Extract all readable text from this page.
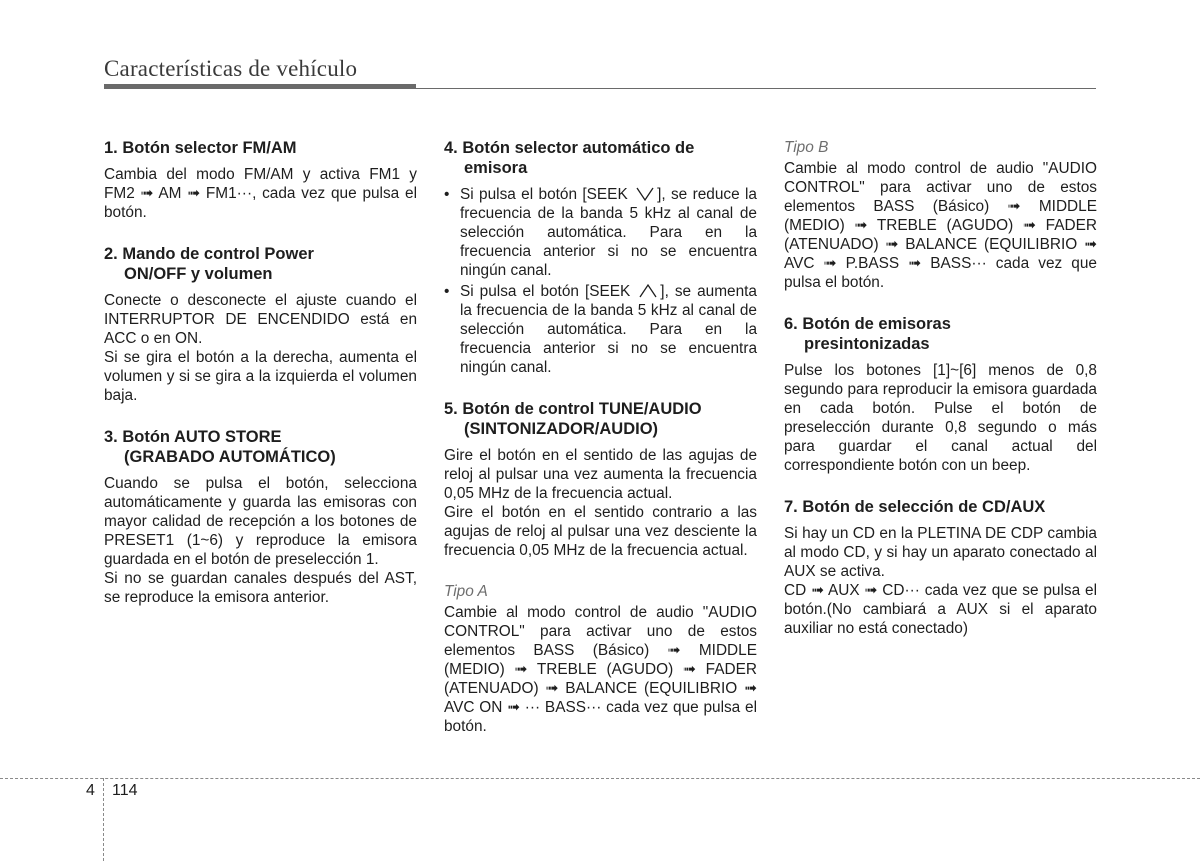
Características de vehículo
1. Botón selector FM/AM

Cambia del modo FM/AM y activa FM1 y FM2 ➟ AM ➟ FM1···, cada vez que pulsa el botón.

2. Mando de control Power
ON/OFF y volumen

Conecte o desconecte el ajuste cuando el INTERRUPTOR DE ENCENDIDO está en ACC o en ON.

Si se gira el botón a la derecha, aumenta el volumen y si se gira a la izquierda el volumen baja.

3. Botón AUTO STORE
(GRABADO AUTOMÁTICO)

Cuando se pulsa el botón, selecciona automáticamente y guarda las emisoras con mayor calidad de recepción a los botones de PRESET1 (1~6) y reproduce la emisora guardada en el botón de preselección 1.

Si no se guardan canales después del AST, se reproduce la emisora anterior.

4. Botón selector automático de
emisora
• Si pulsa el botón [SEEK ], se reduce la frecuencia de la banda 5 kHz al canal de selección automática. Para en la frecuencia anterior si no se encuentra ningún canal.
• Si pulsa el botón [SEEK ], se aumenta la frecuencia de la banda 5 kHz al canal de selección automática. Para en la frecuencia anterior si no se encuentra ningún canal.
5. Botón de control TUNE/AUDIO
(SINTONIZADOR/AUDIO)

Gire el botón en el sentido de las agujas de reloj al pulsar una vez aumenta la frecuencia 0,05 MHz de la frecuencia actual.

Gire el botón en el sentido contrario a las agujas de reloj al pulsar una vez desciente la frecuencia 0,05 MHz de la frecuencia actual.

Tipo A

Cambie al modo control de audio "AUDIO CONTROL" para activar uno de estos elementos BASS (Básico) ➟ MIDDLE (MEDIO) ➟ TREBLE (AGUDO) ➟ FADER (ATENUADO) ➟ BALANCE (EQUILIBRIO ➟ AVC ON ➟ ··· BASS··· cada vez que pulsa el botón.

Tipo B

Cambie al modo control de audio "AUDIO CONTROL" para activar uno de estos elementos BASS (Básico) ➟ MIDDLE (MEDIO) ➟ TREBLE (AGUDO) ➟ FADER (ATENUADO) ➟ BALANCE (EQUILIBRIO ➟ AVC ➟ P.BASS ➟ BASS··· cada vez que pulsa el botón.

6. Botón de emisoras
presintonizadas

Pulse los botones [1]~[6] menos de 0,8 segundo para reproducir la emisora guardada en cada botón. Pulse el botón de preselección durante 0,8 segundo o más para guardar el canal actual del correspondiente botón con un beep.

7. Botón de selección de CD/AUX

Si hay un CD en la PLETINA DE CDP cambia al modo CD, y si hay un aparato conectado al AUX se activa.

CD ➟ AUX ➟ CD··· cada vez que se pulsa el botón.(No cambiará a AUX si el aparato auxiliar no está conectado)

4 114
